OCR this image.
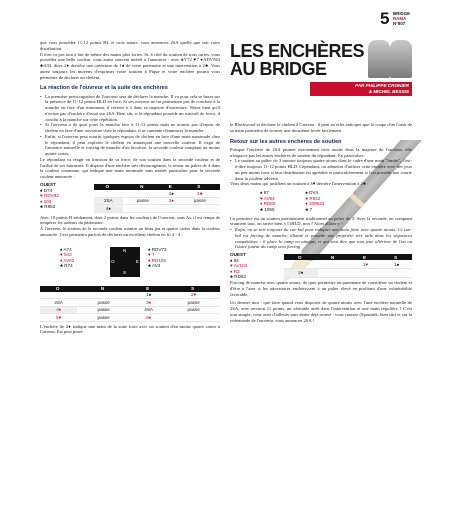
5 BRIDGE
RAMA
N°807

que vous possédez 11-12 points HL et trois atouts, vous annoncez 2SA quelle que soit votre distribution.

Il n'en va pas tout à fait de même des mains plus fortes. Si, à côté du soutien de trois cartes, vous possédez une belle couleur, vous aurez souvent intérêt à l'annoncer : avec ♠V72 ♥7 ♦ADV943 ♣A93, dites 2♦ derrière une ouverture de 1♠ de votre partenaire et une intervention à 2♣. Vous aurez toujours les moyens d'exprimer votre soutien à Pique et votre enchère pourra vous permettre de déclarer un chelem.

La réaction de l'ouvreur et la suite des enchères
• La première préoccupation de l'ouvreur sera de déclarer la manche. Il va pour cela se baser sur la présence de 11-12 points HLD en face. Si ses moyens ne lui permettent pas de conclure à la manche en face d'un minimum, il revient à 3 dans sa majeure d'ouverture. Notez bien qu'il n'existe pas d'enchère d'essai sur 2SA. Bien sûr, si le répondant possède un surcroît de force, il conclut à la manche sur cette répétition.
• Si l'ouvreur a de quoi jouer la manche face à 11-12 points mais ne nourrit pas d'espoir de chelem en face d'une ouverture chez le répondant, il se contente d'annoncer la manche.
• Enfin, si l'ouvreur peut nourrir quelques espoirs de chelem en face d'une main maximale chez le répondant, il peut explorer le chelem en annonçant une nouvelle couleur. Il s'agit de l'annonce naturelle et forcing de manche d'un bicolore, la seconde couleur comptant au moins quatre cartes.

Le répondant va réagir en fonction de sa force, de son soutien dans la seconde couleur et de l'utilité de ses honneurs. Il dispose d'une enchère très décourageante, le retour au palier de 4 dans la couleur commune, qui indique une main minimale sans intérêt particulier pour la seconde couleur annoncée :

OUEST
♠ D74
♥ RDV92
♦ 103
♣ R853
O	N	E	S
		1♠	2♣
2SA	passe	3♦	passe
4♠			

Avec 10 points H seulement, dont 2 points dans les couleurs de l'ouvreur, sans As, il est temps de tempérer les ardeurs du partenaire.

À l'inverse, le soutien de la seconde couleur montre un beau jeu et quatre cartes dans la couleur annoncée. Ceci permettra parfois de déclarer un excellent chelem en fit 4 - 4 :

♠ A74
♥ 543
♦ AV82
♣ R74
N
O	E
S
♠ RDV73
♥ 7
♦ RD105
♣ AV4
O	N	E	S
		1♠	2♥
2SA	passe	3♦	passe
4♦	passe	4SA	passe
5♥	passe	6♦	

L'enchère de 4♦ indique une main de la zone forte avec un soutien d'au moins quatre cartes à Carreau. Est peut poser

LES ENCHÈRES
AU BRIDGE
PAR PHILIPPE CRONIER
& MICHEL BESSIS

le Blackwood et déclarer le chelem à Carreau : il peut en effet anticiper que la coupe d'un Cœur de sa main permettra de trouver une douzième levée facilement.

Retour sur les autres enchères de soutien

Puisque l'enchère de 2SA promet exactement trois atouts dans la majeure de l'ouvreur, elle n'impacte pas les autres enchères de soutien du répondant. En particulier :

• Le soutien au palier de 3 montre toujours quatre atouts dans le cadre d'une main "limite", c'est-à-dire toujours 11-12 points HLD. Cependant, on admettra d'utiliser cette enchère avec des jeux un peu moins forts si leur distribution est agréable et particulièrement si l'on possède une courte dans la couleur adverse.

Vous deux mains qui justifient un soutien à 3♥ derrière l'intervention à 2♣ :

♠ 87
♥ AV94
♦ RD82
♣ 1065
♠ DV4
♥ R932
♦ 109643
♣ 7

La première est un soutien parfaitement traditionnel au palier de 3. Avec la seconde, en comptant vraiment tout, on arrive bien à 11HLD, non ? Alors allons-y !

• Enfin, on se sert toujours du cue-bid pour indiquer une main forte avec quatre atouts. Ce cue-bid est forcing de manche, illimité et possède une propriété très utile dans les séquences compétitives : il place le camp en attaque, et qui veut dire que tout jeue ultérieur de l'un ou l'autre joueur du camp sera forcing
OUEST
♠ 84
♥ AV104
♦ R3
♣ RD82
O	N	E	S
		1♥	1♠
2♠			

Forcing de manche avec quatre atouts, de quoi permettre au partenaire de considérer un chelem et d'être à l'aise si les adversaires enchérissent à un palier élevé en profitant d'une vulnérabilité favorable.

Un dernier mot : que faire quand vous disposez de quatre atouts avec l'une enchère naturelle de 2SA, avec environ 11 points, un véritable arrêt dans l'intervention et une main régulière ? C'est tout simple, vous avez d'ailleurs sans doute déjà trouvé : vous contrez (Spoutnik, bien sûr) et sur la redemande de l'ouvreur, vous annoncez 2SA !
